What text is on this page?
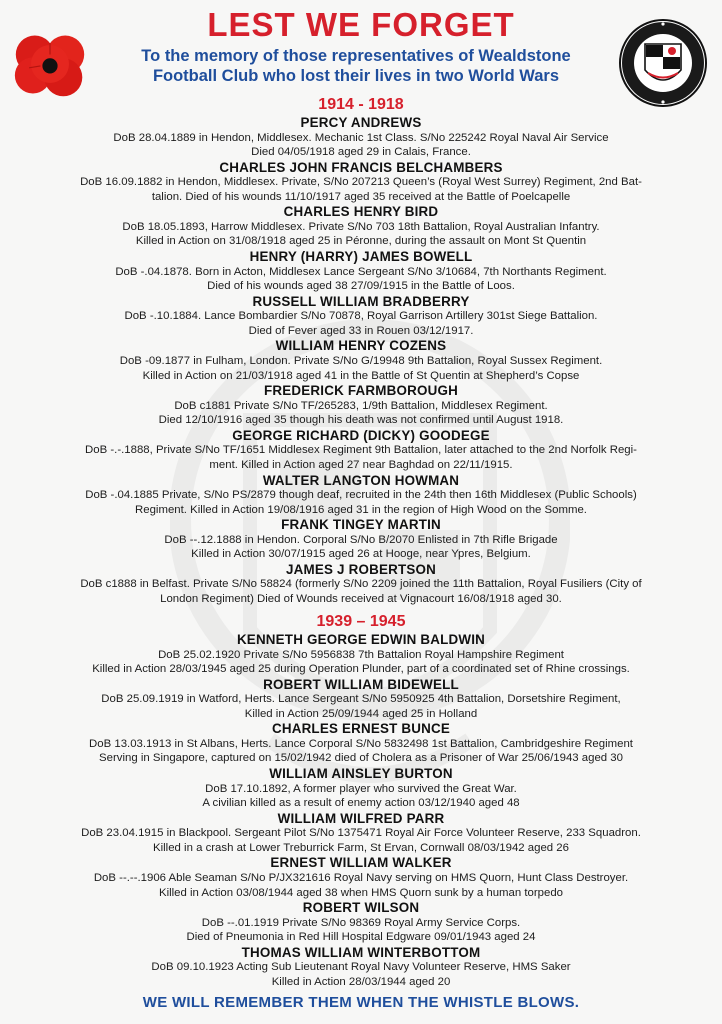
LEST WE FORGET
To the memory of those representatives of Wealdstone
Football Club who lost their lives in two World Wars
1914 - 1918
PERCY ANDREWS
DoB 28.04.1889 in Hendon, Middlesex. Mechanic 1st Class. S/No 225242 Royal Naval Air Service
Died 04/05/1918 aged 29 in Calais, France.
CHARLES JOHN FRANCIS BELCHAMBERS
DoB 16.09.1882 in Hendon, Middlesex. Private, S/No 207213 Queen’s (Royal West Surrey) Regiment, 2nd Bat-
talion. Died of his wounds 11/10/1917 aged 35 received at the Battle of Poelcapelle
CHARLES HENRY BIRD
DoB 18.05.1893, Harrow Middlesex. Private S/No 703 18th Battalion, Royal Australian Infantry.
Killed in Action on 31/08/1918 aged 25 in Péronne, during the assault on Mont St Quentin
HENRY (HARRY) JAMES BOWELL
DoB -.04.1878. Born in Acton, Middlesex Lance Sergeant S/No 3/10684, 7th Northants Regiment.
Died of his wounds aged 38 27/09/1915 in the Battle of Loos.
RUSSELL WILLIAM BRADBERRY
DoB -.10.1884. Lance Bombardier S/No 70878, Royal Garrison Artillery 301st Siege Battalion.
Died of Fever aged 33 in Rouen 03/12/1917.
WILLIAM HENRY COZENS
DoB -09.1877 in Fulham, London. Private S/No G/19948 9th Battalion, Royal Sussex Regiment.
Killed in Action on 21/03/1918 aged 41 in the Battle of St Quentin at Shepherd’s Copse
FREDERICK FARMBOROUGH
DoB c1881 Private S/No TF/265283, 1/9th Battalion, Middlesex Regiment.
Died 12/10/1916 aged 35 though his death was not confirmed until August 1918.
GEORGE RICHARD (DICKY) GOODEGE
DoB -.-.1888, Private S/No TF/1651 Middlesex Regiment 9th Battalion, later attached to the 2nd Norfolk Regi-
ment. Killed in Action aged 27 near Baghdad on 22/11/1915.
WALTER LANGTON HOWMAN
DoB -.04.1885 Private, S/No PS/2879 though deaf, recruited in the 24th then 16th Middlesex (Public Schools)
Regiment. Killed in Action 19/08/1916 aged 31 in the region of High Wood on the Somme.
FRANK TINGEY MARTIN
DoB --.12.1888 in Hendon. Corporal S/No B/2070 Enlisted in 7th Rifle Brigade
Killed in Action 30/07/1915 aged 26 at Hooge, near Ypres, Belgium.
JAMES J ROBERTSON
DoB c1888 in Belfast. Private S/No 58824 (formerly S/No 2209 joined the 11th Battalion, Royal Fusiliers (City of
London Regiment) Died of Wounds received at Vignacourt 16/08/1918 aged 30.
1939 – 1945
KENNETH GEORGE EDWIN BALDWIN
DoB 25.02.1920 Private S/No 5956838 7th Battalion Royal Hampshire Regiment
Killed in Action 28/03/1945 aged 25 during Operation Plunder, part of a coordinated set of Rhine crossings.
ROBERT WILLIAM BIDEWELL
DoB 25.09.1919 in Watford, Herts. Lance Sergeant S/No 5950925 4th Battalion, Dorsetshire Regiment,
Killed in Action 25/09/1944 aged 25 in Holland
CHARLES ERNEST BUNCE
DoB 13.03.1913 in St Albans, Herts. Lance Corporal S/No 5832498 1st Battalion, Cambridgeshire Regiment
Serving in Singapore, captured on 15/02/1942 died of Cholera as a Prisoner of War 25/06/1943 aged 30
WILLIAM AINSLEY BURTON
DoB 17.10.1892, A former player who survived the Great War.
A civilian killed as a result of enemy action 03/12/1940 aged 48
WILLIAM WILFRED PARR
DoB 23.04.1915 in Blackpool. Sergeant Pilot S/No 1375471 Royal Air Force Volunteer Reserve, 233 Squadron.
Killed in a crash at Lower Treburrick Farm, St Ervan, Cornwall 08/03/1942 aged 26
ERNEST WILLIAM WALKER
DoB --.--.1906 Able Seaman S/No P/JX321616 Royal Navy serving on HMS Quorn, Hunt Class Destroyer.
Killed in Action 03/08/1944 aged 38 when HMS Quorn sunk by a human torpedo
ROBERT WILSON
DoB --.01.1919 Private S/No 98369 Royal Army Service Corps.
Died of Pneumonia in Red Hill Hospital Edgware 09/01/1943 aged 24
THOMAS WILLIAM WINTERBOTTOM
DoB 09.10.1923 Acting Sub Lieutenant Royal Navy Volunteer Reserve, HMS Saker
Killed in Action 28/03/1944 aged 20
WE WILL REMEMBER THEM WHEN THE WHISTLE BLOWS.
